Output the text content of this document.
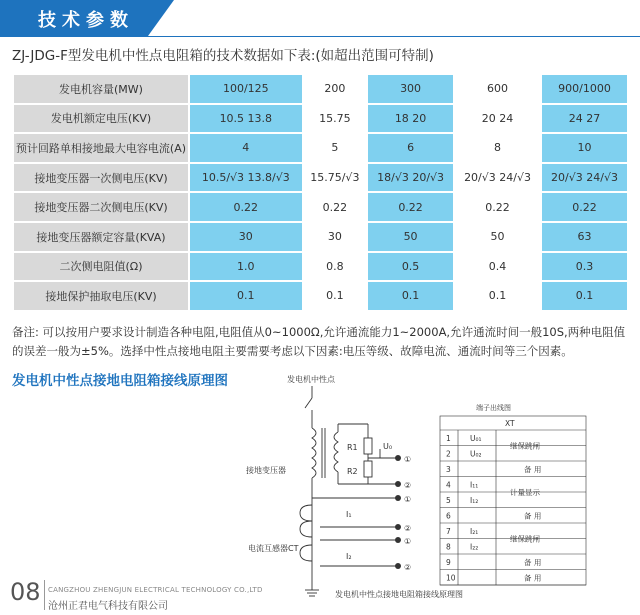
技术参数
ZJ-JDG-F型发电机中性点电阻箱的技术数据如下表:(如超出范围可特制)
发电机容量(MW)	100/125	200	300	600	900/1000
发电机额定电压(KV)	10.5 13.8	15.75	18 20	20 24	24 27
预计回路单相接地最大电容电流(A)	4	5	6	8	10
接地变压器一次侧电压(KV)	10.5/√3 13.8/√3	15.75/√3	18/√3 20/√3	20/√3 24/√3	20/√3 24/√3
接地变压器二次侧电压(KV)	0.22	0.22	0.22	0.22	0.22
接地变压器额定容量(KVA)	30	30	50	50	63
二次侧电阻值(Ω)	1.0	0.8	0.5	0.4	0.3
接地保护抽取电压(KV)	0.1	0.1	0.1	0.1	0.1
备注: 可以按用户要求设计制造各种电阻,电阻值从0~1000Ω,允许通流能力1~2000A,允许通流时间一般10S,两种电阻值的误差一般为±5%。选择中性点接地电阻主要需要考虑以下因素:电压等级、故障电流、通流时间等三个因素。
发电机中性点接地电阻箱接线原理图	发电机中性点
接地变压器
电流互感器CT
R1
R2
U₀
I₁
I₂
①
②
①
②
①
②
发电机中性点接地电阻箱接线原理图
端子出线图
1	U₀₁
继保跳闸
2	U₀₂
3	备 用
4	I₁₁
计量显示
5	I₁₂
6	备 用
7	I₂₁
继保跳闸
8	I₂₂
9	备 用
10	备 用
XT
08 CANGZHOU ZHENGJUN ELECTRICAL TECHNOLOGY CO.,LTD
沧州正君电气科技有限公司
